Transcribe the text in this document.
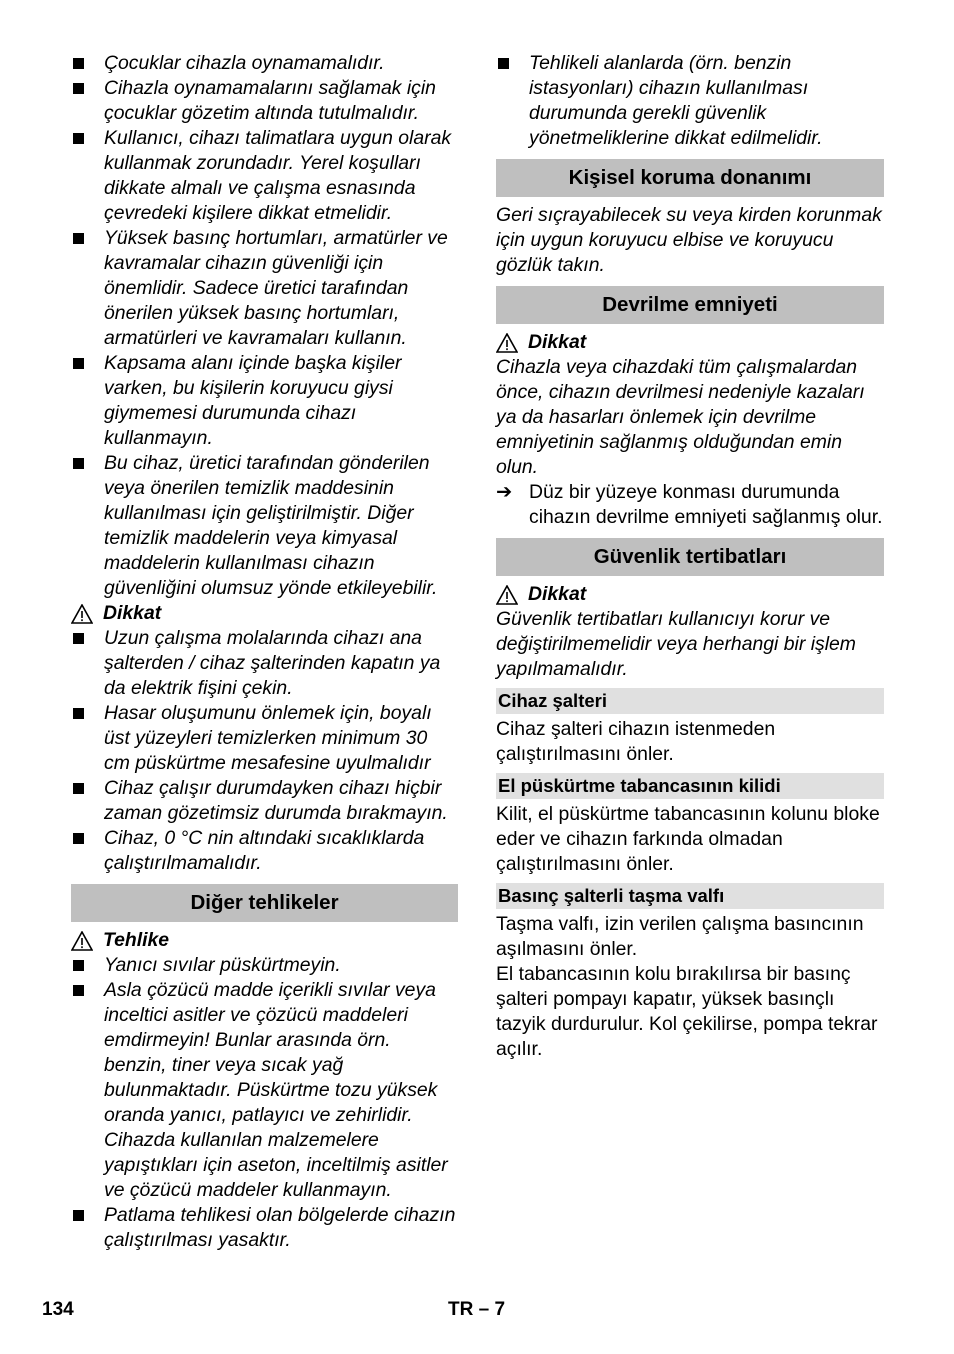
Çocuklar cihazla oynamamalıdır.
Cihazla oynamamalarını sağlamak için çocuklar gözetim altında tutulmalıdır.
Kullanıcı, cihazı talimatlara uygun olarak kullanmak zorundadır. Yerel koşulları dikkate almalı ve çalışma esnasında çevredeki kişilere dikkat etmelidir.
Yüksek basınç hortumları, armatürler ve kavramalar cihazın güvenliği için önemlidir. Sadece üretici tarafından önerilen yüksek basınç hortumları, armatürleri ve kavramaları kullanın.
Kapsama alanı içinde başka kişiler varken, bu kişilerin koruyucu giysi giymemesi durumunda cihazı kullanmayın.
Bu cihaz, üretici tarafından gönderilen veya önerilen temizlik maddesinin kullanılması için geliştirilmiştir. Diğer temizlik maddelerin veya kimyasal maddelerin kullanılması cihazın güvenliğini olumsuz yönde etkileyebilir.
Dikkat
Uzun çalışma molalarında cihazı ana şalterden / cihaz şalterinden kapatın ya da elektrik fişini çekin.
Hasar oluşumunu önlemek için, boyalı üst yüzeyleri temizlerken minimum 30 cm püskürtme mesafesine uyulmalıdır
Cihaz çalışır durumdayken cihazı hiçbir zaman gözetimsiz durumda bırakmayın.
Cihaz, 0 °C nin altındaki sıcaklıklarda çalıştırılmamalıdır.
Diğer tehlikeler
Tehlike
Yanıcı sıvılar püskürtmeyin.
Asla çözücü madde içerikli sıvılar veya inceltici asitler ve çözücü maddeleri emdirmeyin! Bunlar arasında örn. benzin, tiner veya sıcak yağ bulunmaktadır. Püskürtme tozu yüksek oranda yanıcı, patlayıcı ve zehirlidir. Cihazda kullanılan malzemelere yapıştıkları için aseton, inceltilmiş asitler ve çözücü maddeler kullanmayın.
Patlama tehlikesi olan bölgelerde cihazın çalıştırılması yasaktır.
Tehlikeli alanlarda (örn. benzin istasyonları) cihazın kullanılması durumunda gerekli güvenlik yönetmeliklerine dikkat edilmelidir.
Kişisel koruma donanımı
Geri sıçrayabilecek su veya kirden korunmak için uygun koruyucu elbise ve koruyucu gözlük takın.
Devrilme emniyeti
Dikkat
Cihazla veya cihazdaki tüm çalışmalardan önce, cihazın devrilmesi nedeniyle kazaları ya da hasarları önlemek için devrilme emniyetinin sağlanmış olduğundan emin olun.
➔ Düz bir yüzeye konması durumunda cihazın devrilme emniyeti sağlanmış olur.
Güvenlik tertibatları
Dikkat
Güvenlik tertibatları kullanıcıyı korur ve değiştirilmemelidir veya herhangi bir işlem yapılmamalıdır.
Cihaz şalteri
Cihaz şalteri cihazın istenmeden çalıştırılmasını önler.
El püskürtme tabancasının kilidi
Kilit, el püskürtme tabancasının kolunu bloke eder ve cihazın farkında olmadan çalıştırılmasını önler.
Basınç şalterli taşma valfı
Taşma valfı, izin verilen çalışma basıncının aşılmasını önler.
El tabancasının kolu bırakılırsa bir basınç şalteri pompayı kapatır, yüksek basınçlı tazyik durdurulur. Kol çekilirse, pompa tekrar açılır.
134	TR – 7
